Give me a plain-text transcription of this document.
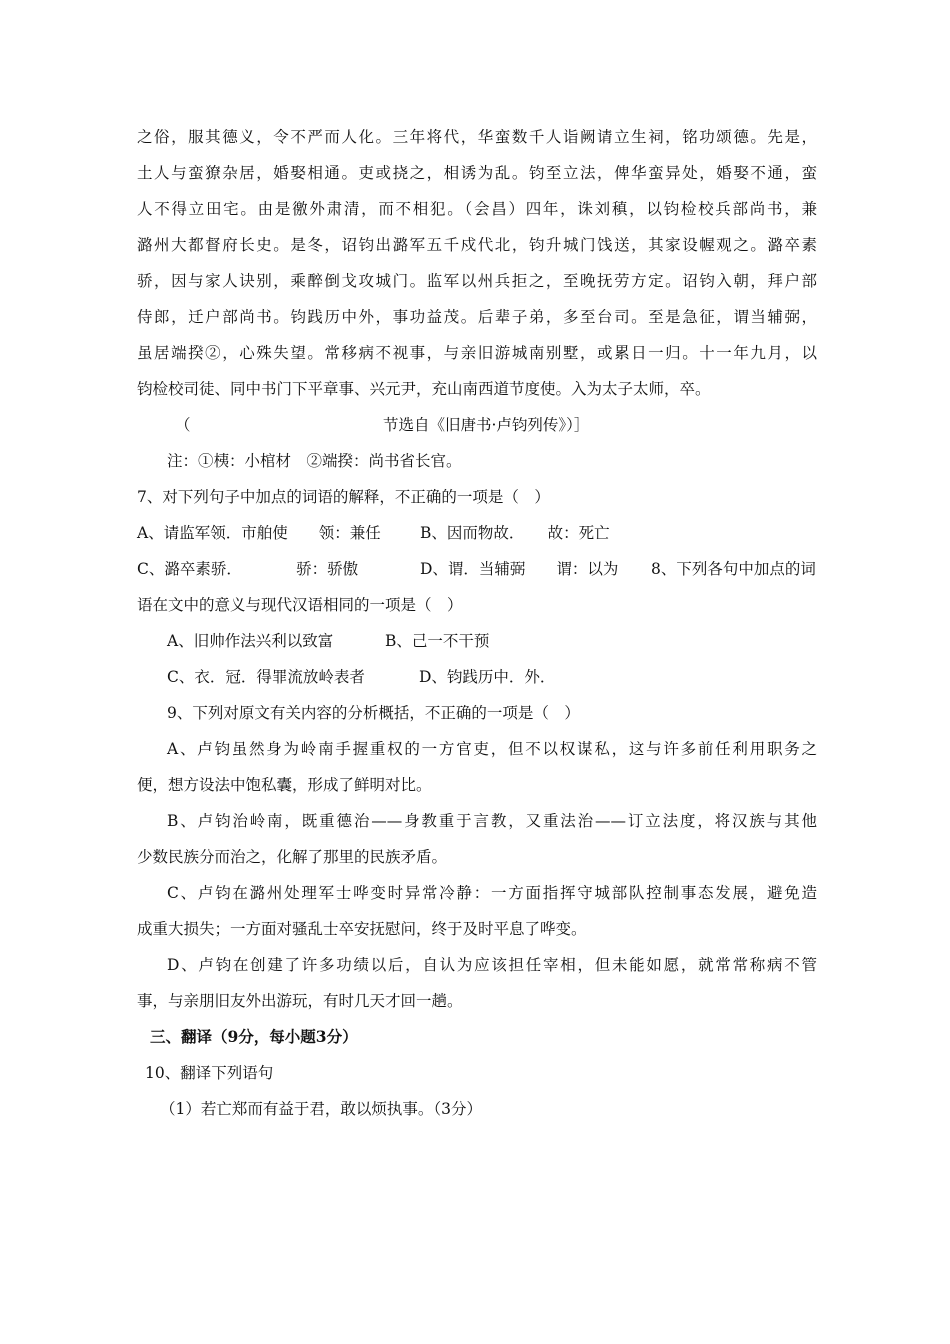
之俗，服其德义，令不严而人化。三年将代，华蛮数千人诣阙请立生祠，铭功颂德。先是，
土人与蛮獠杂居，婚娶相通。吏或挠之，相诱为乱。钧至立法，俾华蛮异处，婚娶不通，蛮
人不得立田宅。由是徼外肃清，而不相犯。（会昌）四年，诛刘稹，以钧检校兵部尚书，兼
潞州大都督府长史。是冬，诏钧出潞军五千戍代北，钧升城门饯送，其家设幄观之。潞卒素
骄，因与家人诀别，乘醉倒戈攻城门。监军以州兵拒之，至晚抚劳方定。诏钧入朝，拜户部
侍郎，迁户部尚书。钧践历中外，事功益茂。后辈子弟，多至台司。至是急征，谓当辅弼，
虽居端揆②，心殊失望。常移病不视事，与亲旧游城南别墅，或累日一归。十一年九月，以
钧检校司徒、同中书门下平章事、兴元尹，充山南西道节度使。入为太子太师，卒。
（	节选自《旧唐书·卢钧列传》）］
注：①桋：小棺材　②端揆：尚书省长官。
7、对下列句子中加点的词语的解释，不正确的一项是（　）
A、请监军领．市舶使　　领：兼任	B、因而物故．　　故：死亡
C、潞卒素骄．　　　　骄：骄傲	D、谓．当辅弼　　谓：以为 8、下列各句中加点的词
语在文中的意义与现代汉语相同的一项是（　）
A、旧帅作法兴利以致富	B、己一不干预
C、衣．冠．得罪流放岭表者	D、钧践历中．外．
9、下列对原文有关内容的分析概括，不正确的一项是（　）
A、卢钧虽然身为岭南手握重权的一方官吏，但不以权谋私，这与许多前任利用职务之
便，想方设法中饱私囊，形成了鲜明对比。
B、卢钧治岭南，既重德治——身教重于言教，又重法治——订立法度，将汉族与其他
少数民族分而治之，化解了那里的民族矛盾。
C、卢钧在潞州处理军士哗变时异常冷静：一方面指挥守城部队控制事态发展，避免造
成重大损失；一方面对骚乱士卒安抚慰问，终于及时平息了哗变。
D、卢钧在创建了许多功绩以后，自认为应该担任宰相，但未能如愿，就常常称病不管
事，与亲朋旧友外出游玩，有时几天才回一趟。
三、翻译（9分，每小题3分）
10、翻译下列语句
（1）若亡郑而有益于君，敢以烦执事。（3分）
